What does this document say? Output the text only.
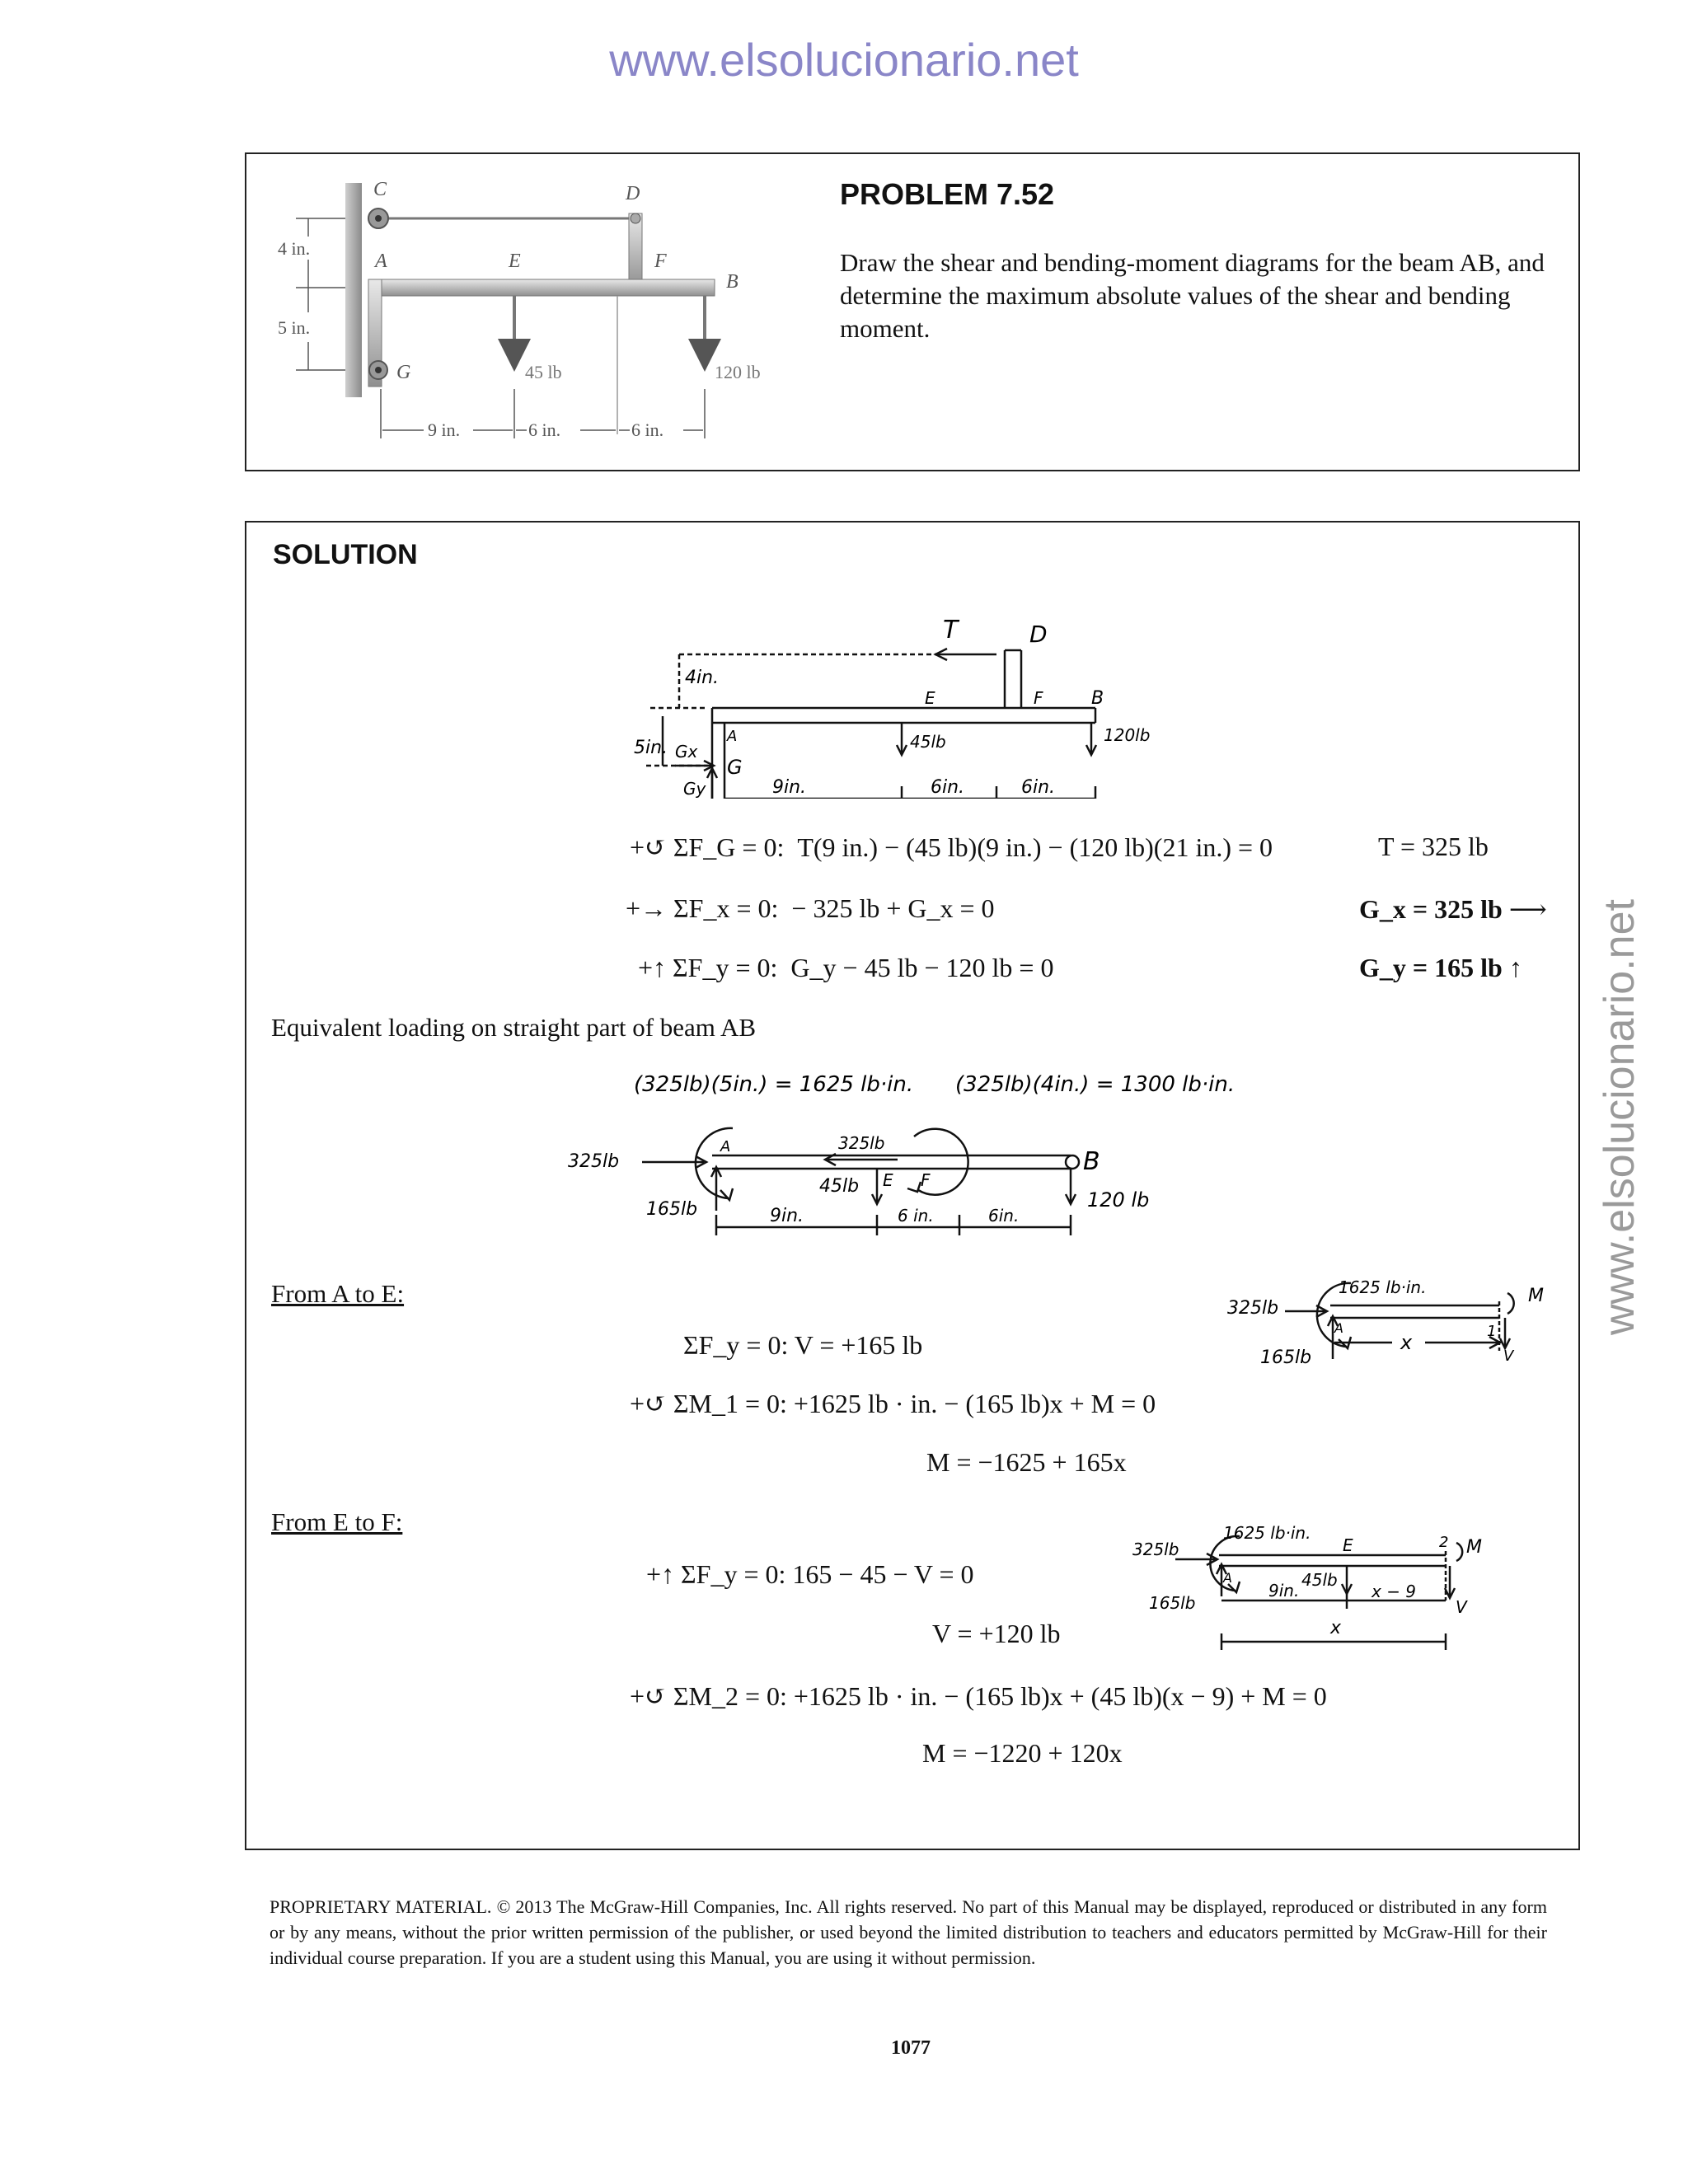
www.elsolucionario.net
www.elsolucionario.net
C	D
A	E	F
B
G
4 in.
5 in.
45 lb	120 lb
9 in.	6 in.	6 in.
PROBLEM 7.52
Draw the shear and bending-moment diagrams for the beam AB, and determine the maximum absolute values of the shear and bending moment.
SOLUTION
T	D
4in.
E	F	B
A
5in. Gx
G
Gy
45lb	120lb
9in.	6in.	6in.
+↺ ΣF_G = 0: T(9 in.) − (45 lb)(9 in.) − (120 lb)(21 in.) = 0	T = 325 lb
+→ ΣF_x = 0: − 325 lb + G_x = 0	G_x = 325 lb ⟶
+↑ ΣF_y = 0: G_y − 45 lb − 120 lb = 0	G_y = 165 lb ↑
Equivalent loading on straight part of beam AB
(325lb)(5in.) = 1625 lb·in. (325lb)(4in.) = 1300 lb·in.
325lb
A	325lb
B
45lb E F
165lb	120 lb
9in.	6 in.	6in.
From A to E:
ΣF_y = 0: V = +165 lb
+↺ ΣM_1 = 0: +1625 lb · in. − (165 lb)x + M = 0
M = −1625 + 165x
325lb
1625 lb·in.	M
A	1
x
165lb	V
From E to F:
+↑ ΣF_y = 0: 165 − 45 − V = 0
V = +120 lb
+↺ ΣM_2 = 0: +1625 lb · in. − (165 lb)x + (45 lb)(x − 9) + M = 0
M = −1220 + 120x
325lb
1625 lb·in.
E	2 M
A	45lb
165lb
9in.	x − 9
V
x
PROPRIETARY MATERIAL. © 2013 The McGraw-Hill Companies, Inc. All rights reserved. No part of this Manual may be displayed, reproduced or distributed in any form or by any means, without the prior written permission of the publisher, or used beyond the limited distribution to teachers and educators permitted by McGraw-Hill for their individual course preparation. If you are a student using this Manual, you are using it without permission.
1077
